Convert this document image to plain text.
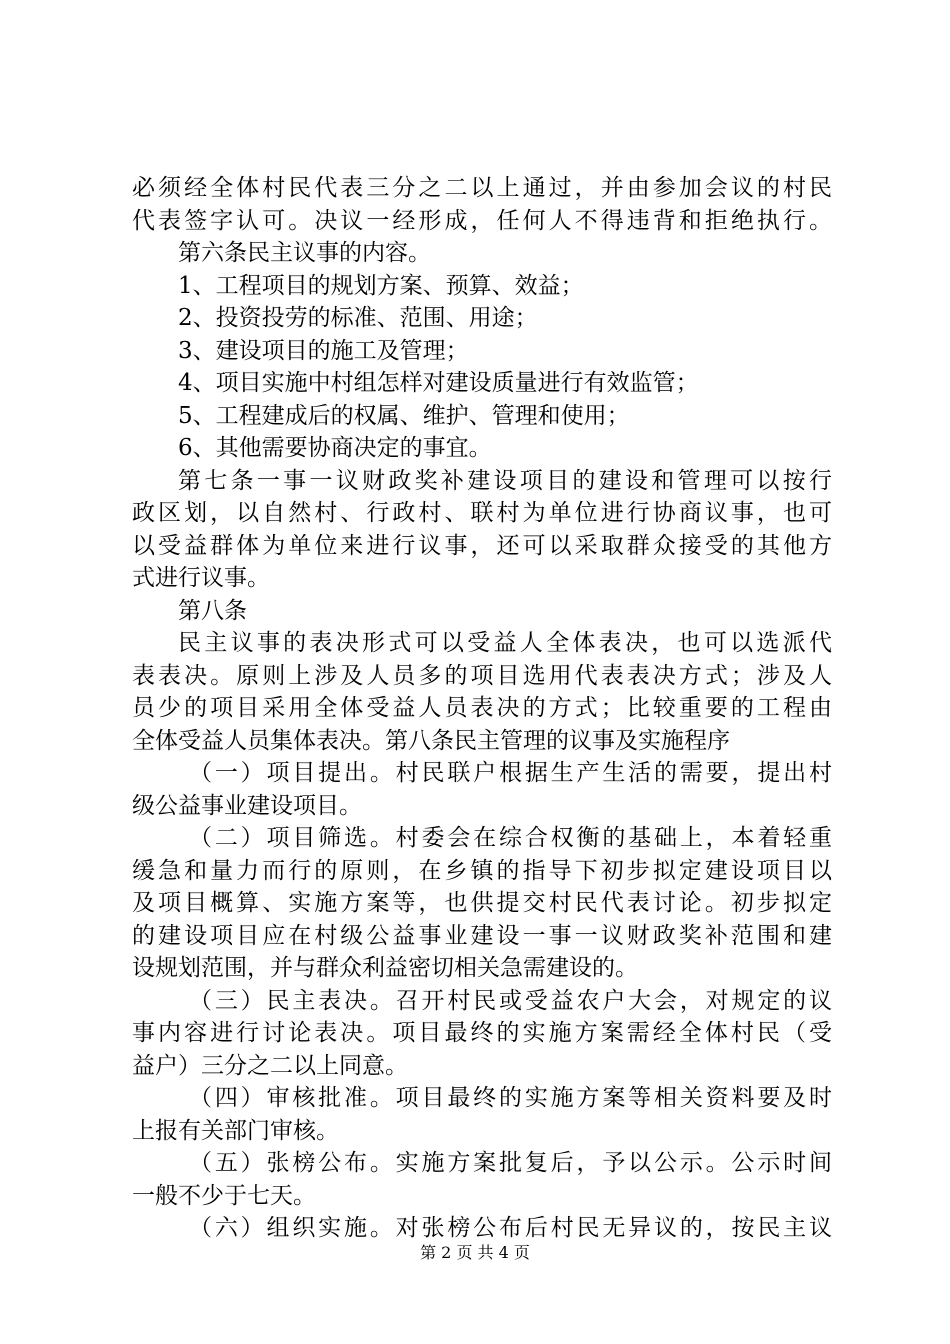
必须经全体村民代表三分之二以上通过，并由参加会议的村民
代表签字认可。决议一经形成，任何人不得违背和拒绝执行。
第六条民主议事的内容。
1、工程项目的规划方案、预算、效益；
2、投资投劳的标准、范围、用途；
3、建设项目的施工及管理；
4、项目实施中村组怎样对建设质量进行有效监管；
5、工程建成后的权属、维护、管理和使用；
6、其他需要协商决定的事宜。
第七条一事一议财政奖补建设项目的建设和管理可以按行
政区划，以自然村、行政村、联村为单位进行协商议事，也可
以受益群体为单位来进行议事，还可以采取群众接受的其他方
式进行议事。
第八条
民主议事的表决形式可以受益人全体表决，也可以选派代
表表决。原则上涉及人员多的项目选用代表表决方式；涉及人
员少的项目采用全体受益人员表决的方式；比较重要的工程由
全体受益人员集体表决。第八条民主管理的议事及实施程序
（一）项目提出。村民联户根据生产生活的需要，提出村
级公益事业建设项目。
（二）项目筛选。村委会在综合权衡的基础上，本着轻重
缓急和量力而行的原则，在乡镇的指导下初步拟定建设项目以
及项目概算、实施方案等，也供提交村民代表讨论。初步拟定
的建设项目应在村级公益事业建设一事一议财政奖补范围和建
设规划范围，并与群众利益密切相关急需建设的。
（三）民主表决。召开村民或受益农户大会，对规定的议
事内容进行讨论表决。项目最终的实施方案需经全体村民（受
益户）三分之二以上同意。
（四）审核批准。项目最终的实施方案等相关资料要及时
上报有关部门审核。
（五）张榜公布。实施方案批复后，予以公示。公示时间
一般不少于七天。
（六）组织实施。对张榜公布后村民无异议的，按民主议
第 2 页 共 4 页
